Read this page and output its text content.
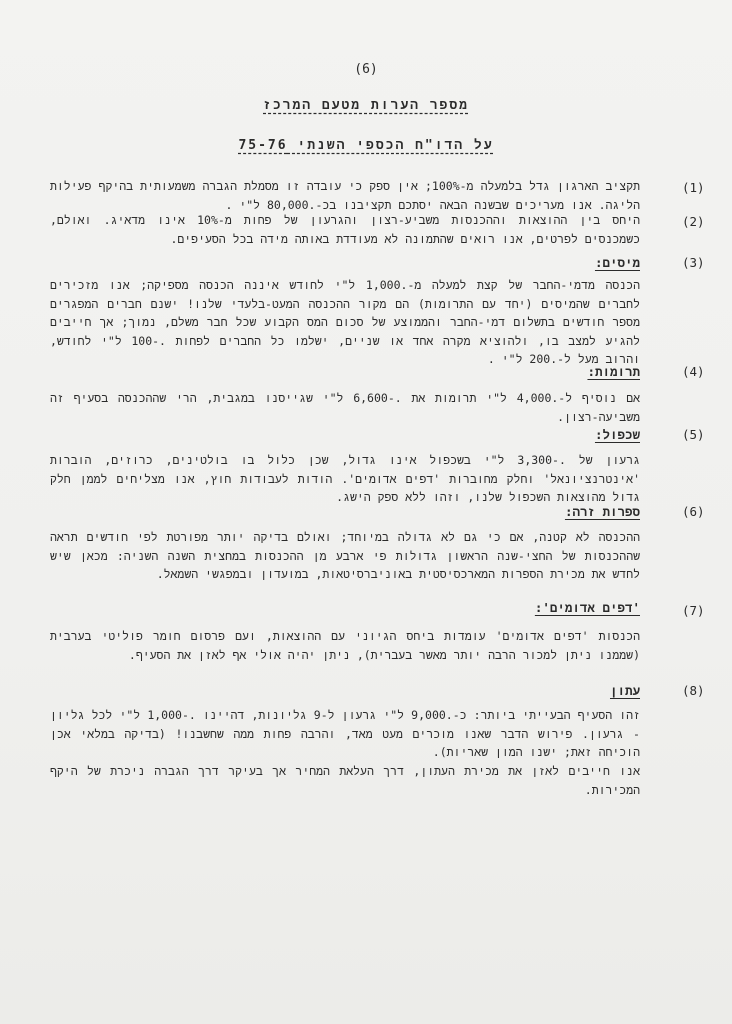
(6)
מספר הערות מטעם המרכז
על הדו"ח הכספי השנתי 75-76
(1)
תקציב הארגון גדל בלמעלה מ-100%; אין ספק כי עובדה זו מסמלת הגברה משמעותית בהיקף פעילות הליגה. אנו מעריכים שבשנה הבאה יסתכם תקציבנו בכ-.80,000 ל"י .
(2)
היחס בין ההוצאות וההכנסות משביע-רצון והגרעון של פחות מ-10% אינו מדאיג. ואולם, כשמכנסים לפרטים, אנו רואים שהתמונה לא מעודדת באותה מידה בכל הסעיפים.
(3)
מיסים:
הכנסה מדמי-החבר של קצת למעלה מ-.1,000 ל"י לחודש איננה הכנסה מספיקה; אנו מזכירים לחברים שהמיסים (יחד עם התרומות) הם מקור ההכנסה המעט-בלעדי שלנו! ישנם חברים המפגרים מספר חודשים בתשלום דמי-החבר והממוצע של סכום המס הקבוע שכל חבר משלם, נמוך; אך חייבים להגיע למצב בו, ולהוציא מקרה אחד או שניים, ישלמו כל החברים לפחות .-100 ל"י לחודש, והרוב מעל ל-.200 ל"י .
(4)
תרומות:
אם נוסיף ל-.4,000 ל"י תרומות את .-6,600 ל"י שגייסנו במגבית, הרי שההכנסה בסעיף זה משביעה-רצון.
(5)
שכפול:
גרעון של .-3,300 ל"י בשכפול אינו גדול, שכן כלול בו בולטינים, כרוזים, הוברות 'אינטרנציונאל' וחלק מחוברות 'דפים אדומים'. הודות לעבודות חוץ, אנו מצליחים לממן חלק גדול מהוצאות השכפול שלנו, וזהו ללא ספק הישג.
(6)
ספרות זרה:
ההכנסה לא קטנה, אם כי גם לא גדולה במיוחד; ואולם בדיקה יותר מפורטת לפי חודשים תראה שההכנסות של החצי-שנה הראשון גדולות פי ארבע מן ההכנסות במחצית השנה השניה: מכאן שיש לחדש את מכירת הספרות המארכסיסטית באוניברסיטאות, במועדון ובמפגשי השמאל.
(7)
'דפים אדומים':
הכנסות 'דפים אדומים' עומדות ביחס הגיוני עם ההוצאות, ועם פרסום חומר פוליטי בערבית (שממנו ניתן למכור הרבה יותר מאשר בעברית), ניתן יהיה אולי אף לאזן את הסעיף.
(8)
עתון
זהו הסעיף הבעייתי ביותר: כ-.9,000 ל"י גרעון ל-9 גליונות, דהיינו .-1,000 ל"י לכל גליון - גרעון. פירוש הדבר שאנו מוכרים מעט מאד, והרבה פחות ממה שחשבנו! (בדיקה במלאי אכן הוכיחה זאת; ישנו המון שאריות).
אנו חייבים לאזן את מכירת העתון, דרך העלאת המחיר אך בעיקר דרך הגברה ניכרת של היקף המכירות.
